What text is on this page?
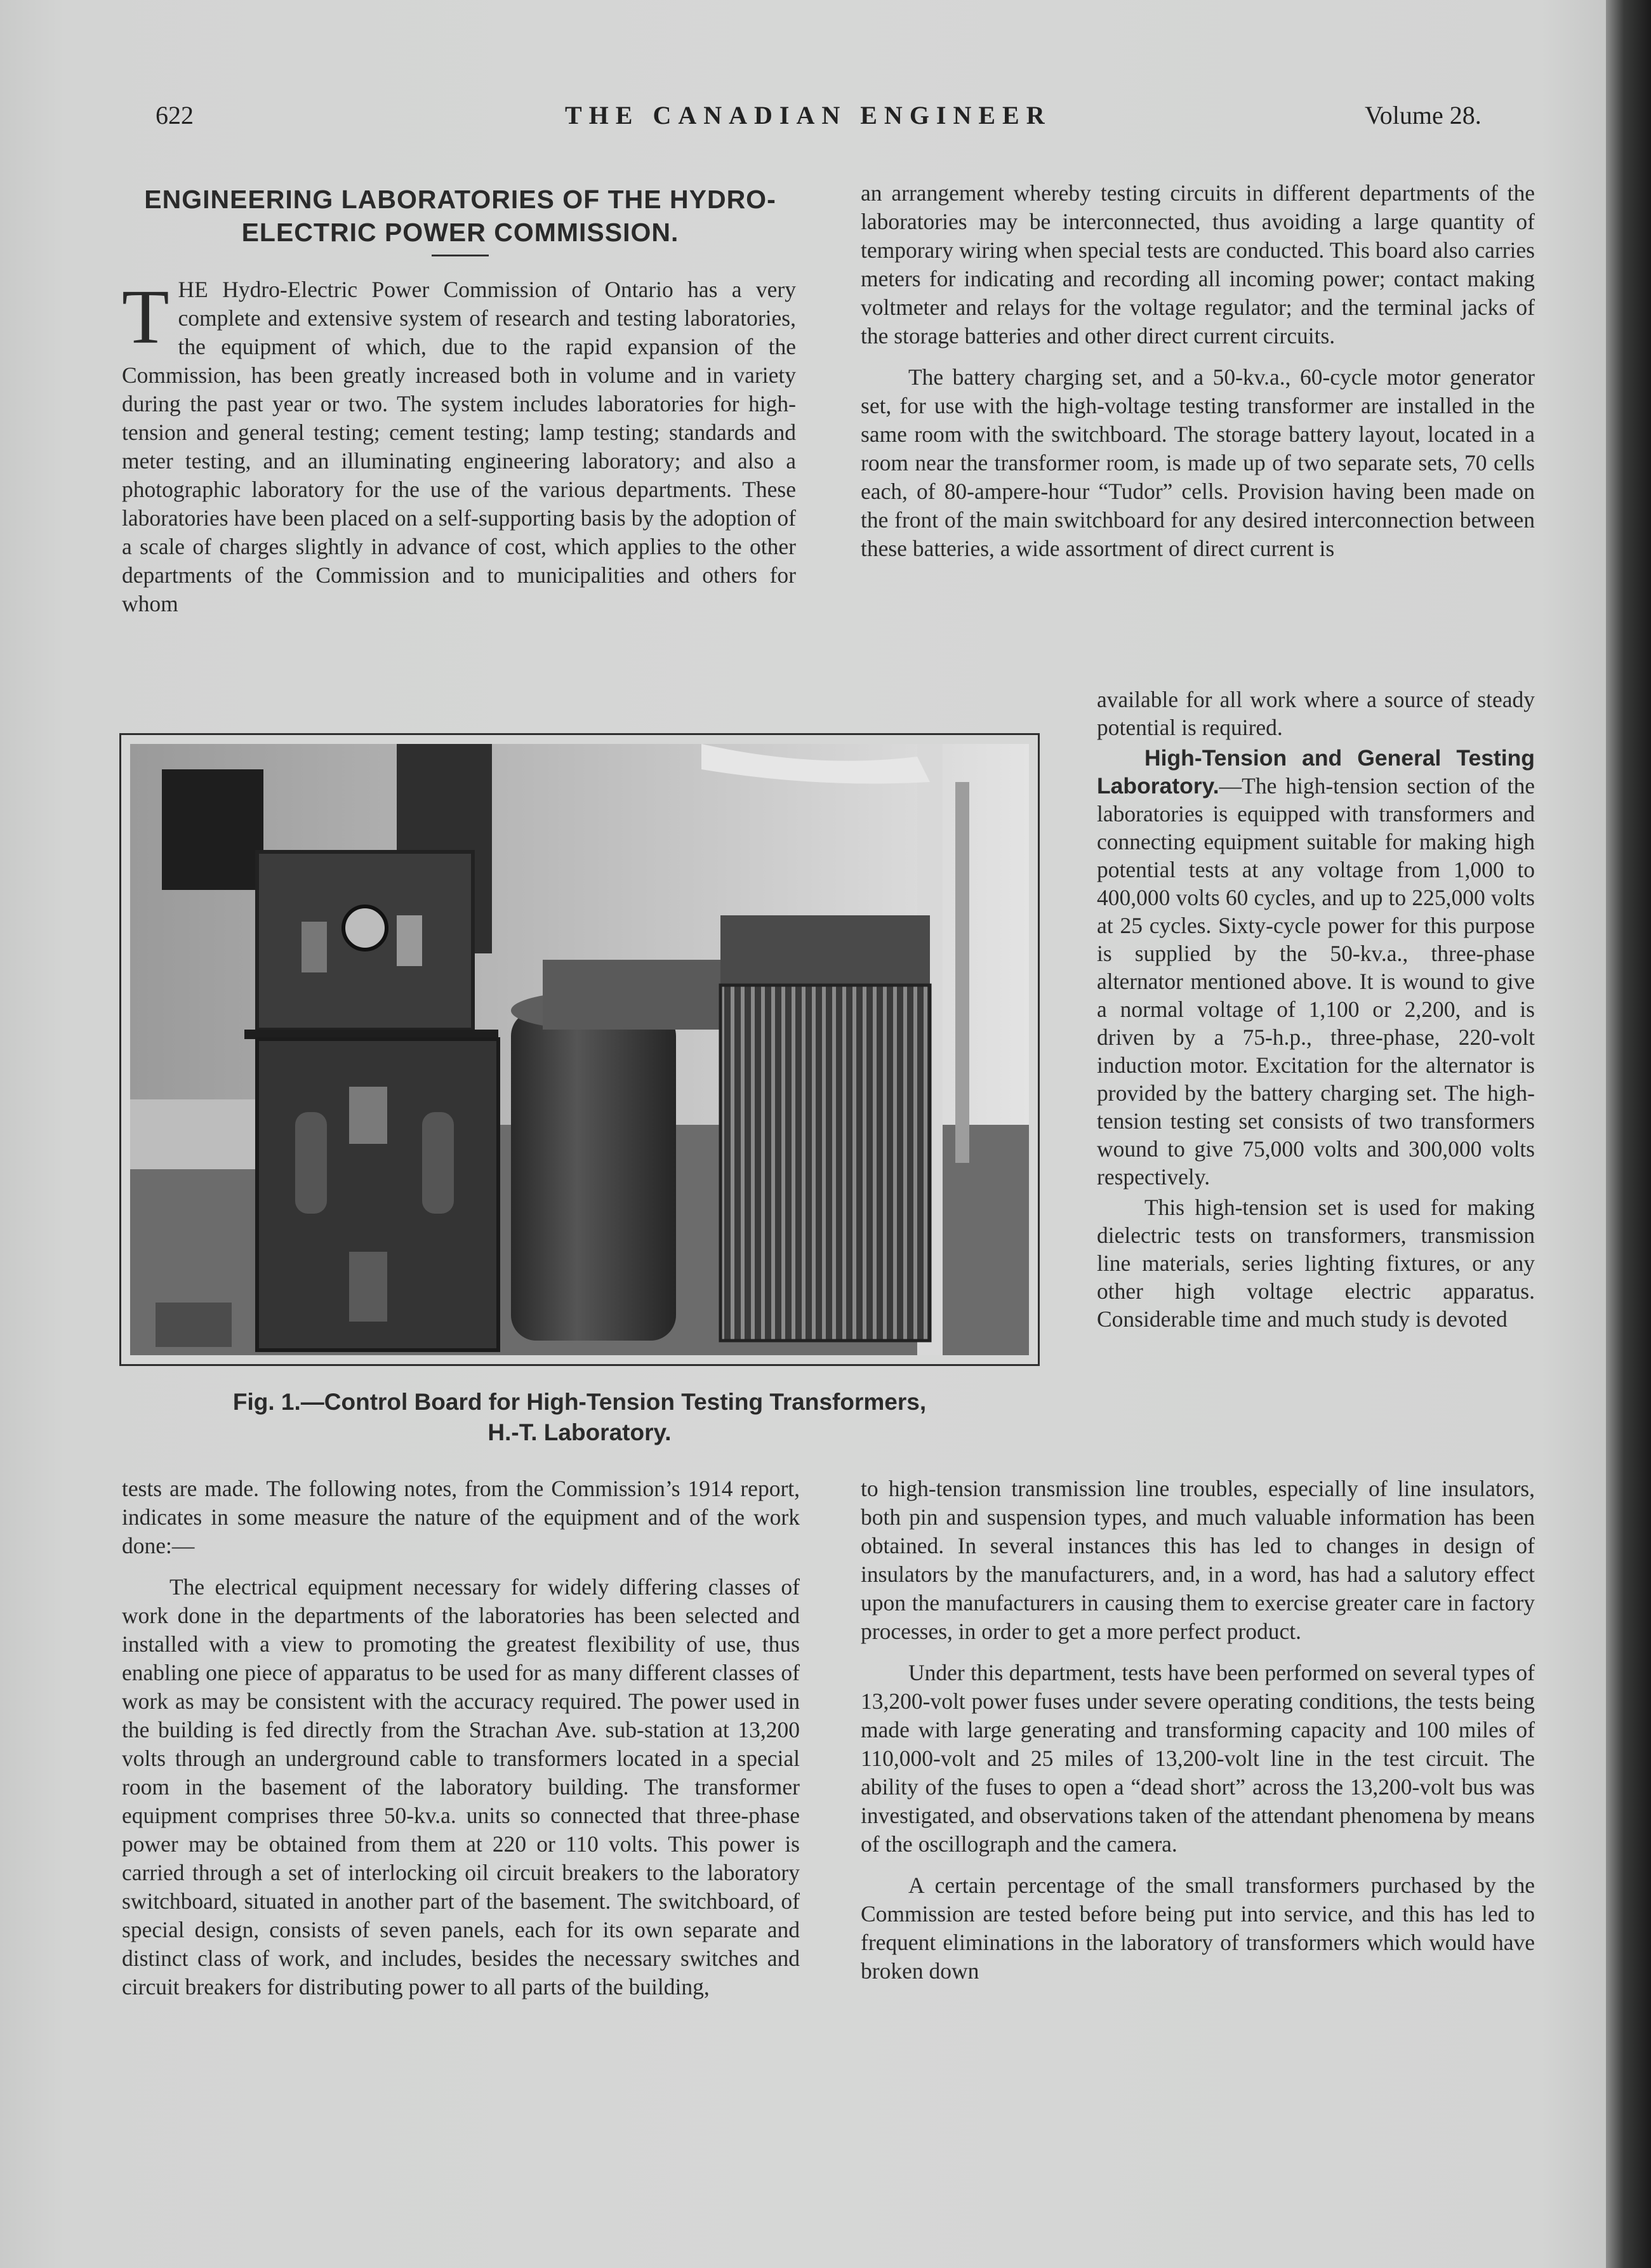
622	THE CANADIAN ENGINEER	Volume 28.
ENGINEERING LABORATORIES OF THE HYDRO-
ELECTRIC POWER COMMISSION.

THE Hydro-Electric Power Commission of Ontario has a very complete and extensive system of research and testing laboratories, the equipment of which, due to the rapid expansion of the Commission, has been greatly increased both in volume and in variety during the past year or two. The system includes laboratories for high-tension and general testing; cement testing; lamp testing; standards and meter testing, and an illuminating engineering laboratory; and also a photographic laboratory for the use of the various departments. These laboratories have been placed on a self-supporting basis by the adoption of a scale of charges slightly in advance of cost, which applies to the other departments of the Commission and to municipalities and others for whom

Fig. 1.—Control Board for High-Tension Testing Transformers,
H.-T. Laboratory.

tests are made. The following notes, from the Commission’s 1914 report, indicates in some measure the nature of the equipment and of the work done:—

The electrical equipment necessary for widely differing classes of work done in the departments of the laboratories has been selected and installed with a view to promoting the greatest flexibility of use, thus enabling one piece of apparatus to be used for as many different classes of work as may be consistent with the accuracy required. The power used in the building is fed directly from the Strachan Ave. sub-station at 13,200 volts through an underground cable to transformers located in a special room in the basement of the laboratory building. The transformer equipment comprises three 50-kv.a. units so connected that three-phase power may be obtained from them at 220 or 110 volts. This power is carried through a set of interlocking oil circuit breakers to the laboratory switchboard, situated in another part of the basement. The switchboard, of special design, consists of seven panels, each for its own separate and distinct class of work, and includes, besides the necessary switches and circuit breakers for distributing power to all parts of the building,

an arrangement whereby testing circuits in different departments of the laboratories may be interconnected, thus avoiding a large quantity of temporary wiring when special tests are conducted. This board also carries meters for indicating and recording all incoming power; contact making voltmeter and relays for the voltage regulator; and the terminal jacks of the storage batteries and other direct current circuits.

The battery charging set, and a 50-kv.a., 60-cycle motor generator set, for use with the high-voltage testing transformer are installed in the same room with the switchboard. The storage battery layout, located in a room near the transformer room, is made up of two separate sets, 70 cells each, of 80-ampere-hour “Tudor” cells. Provision having been made on the front of the main switchboard for any desired interconnection between these batteries, a wide assortment of direct current is

available for all work where a source of steady potential is required.

High-Tension and General Testing Laboratory.—The high-tension section of the laboratories is equipped with transformers and connecting equipment suitable for making high potential tests at any voltage from 1,000 to 400,000 volts 60 cycles, and up to 225,000 volts at 25 cycles. Sixty-cycle power for this purpose is supplied by the 50-kv.a., three-phase alternator mentioned above. It is wound to give a normal voltage of 1,100 or 2,200, and is driven by a 75-h.p., three-phase, 220-volt induction motor. Excitation for the alternator is provided by the battery charging set. The high-tension testing set consists of two transformers wound to give 75,000 volts and 300,000 volts respectively.

This high-tension set is used for making dielectric tests on transformers, transmission line materials, series lighting fixtures, or any other high voltage electric apparatus. Considerable time and much study is devoted

to high-tension transmission line troubles, especially of line insulators, both pin and suspension types, and much valuable information has been obtained. In several instances this has led to changes in design of insulators by the manufacturers, and, in a word, has had a salutory effect upon the manufacturers in causing them to exercise greater care in factory processes, in order to get a more perfect product.

Under this department, tests have been performed on several types of 13,200-volt power fuses under severe operating conditions, the tests being made with large generating and transforming capacity and 100 miles of 110,000-volt and 25 miles of 13,200-volt line in the test circuit. The ability of the fuses to open a “dead short” across the 13,200-volt bus was investigated, and observations taken of the attendant phenomena by means of the oscillograph and the camera.

A certain percentage of the small transformers purchased by the Commission are tested before being put into service, and this has led to frequent eliminations in the laboratory of transformers which would have broken down
